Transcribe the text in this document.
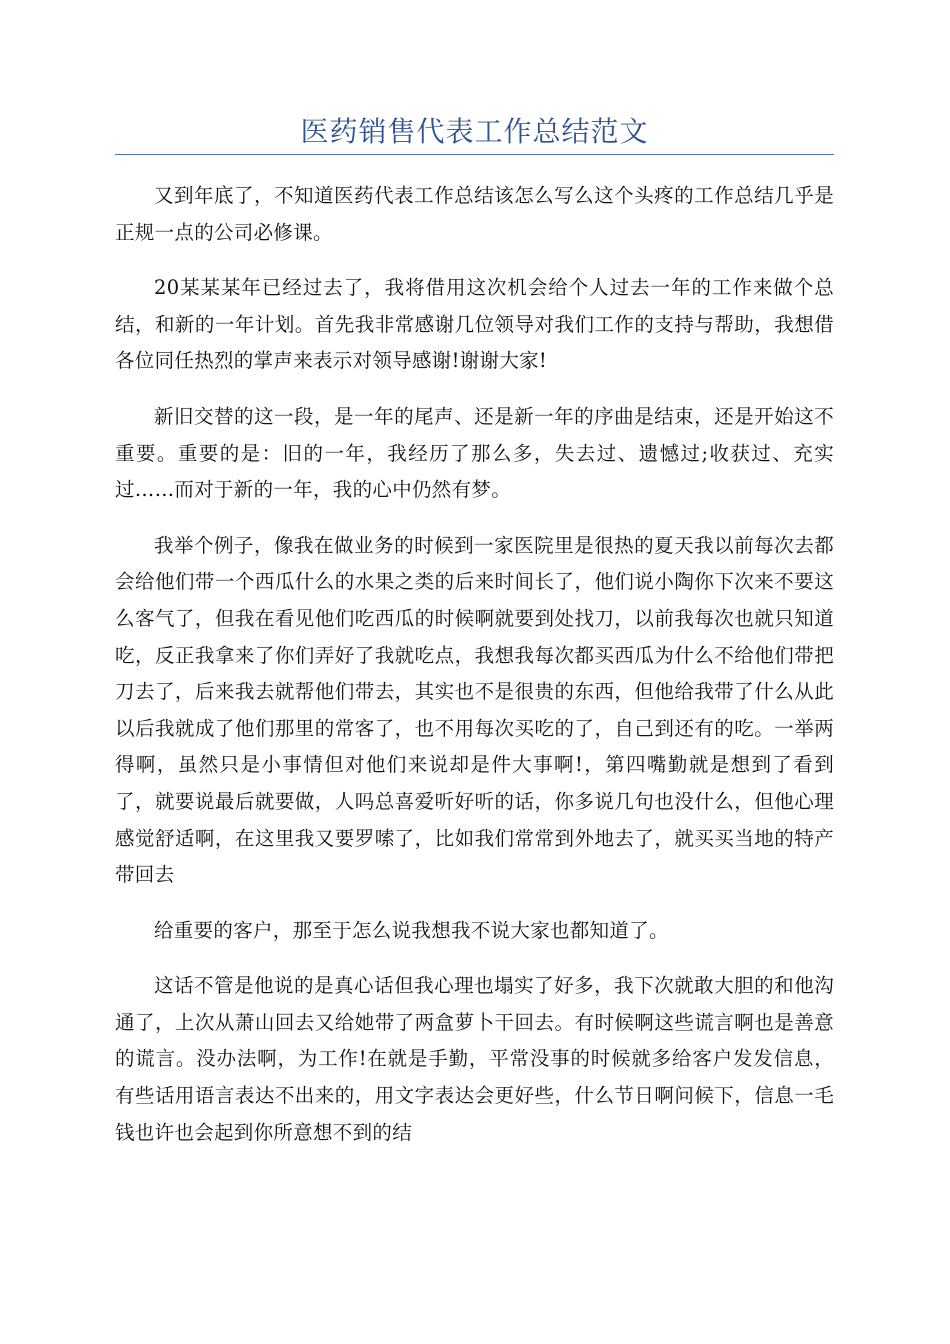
医药销售代表工作总结范文

又到年底了，不知道医药代表工作总结该怎么写么这个头疼的工作总结几乎是正规一点的公司必修课。

20某某某年已经过去了，我将借用这次机会给个人过去一年的工作来做个总结，和新的一年计划。首先我非常感谢几位领导对我们工作的支持与帮助，我想借各位同任热烈的掌声来表示对领导感谢!谢谢大家!

新旧交替的这一段，是一年的尾声、还是新一年的序曲是结束，还是开始这不重要。重要的是：旧的一年，我经历了那么多，失去过、遗憾过;收获过、充实过……而对于新的一年，我的心中仍然有梦。

我举个例子，像我在做业务的时候到一家医院里是很热的夏天我以前每次去都会给他们带一个西瓜什么的水果之类的后来时间长了，他们说小陶你下次来不要这么客气了，但我在看见他们吃西瓜的时候啊就要到处找刀，以前我每次也就只知道吃，反正我拿来了你们弄好了我就吃点，我想我每次都买西瓜为什么不给他们带把刀去了，后来我去就帮他们带去，其实也不是很贵的东西，但他给我带了什么从此以后我就成了他们那里的常客了，也不用每次买吃的了，自己到还有的吃。一举两得啊，虽然只是小事情但对他们来说却是件大事啊!，第四嘴勤就是想到了看到了，就要说最后就要做，人吗总喜爱听好听的话，你多说几句也没什么，但他心理感觉舒适啊，在这里我又要罗嗦了，比如我们常常到外地去了，就买买当地的特产带回去

给重要的客户，那至于怎么说我想我不说大家也都知道了。

这话不管是他说的是真心话但我心理也塌实了好多，我下次就敢大胆的和他沟通了，上次从萧山回去又给她带了两盒萝卜干回去。有时候啊这些谎言啊也是善意的谎言。没办法啊，为工作!在就是手勤，平常没事的时候就多给客户发发信息，有些话用语言表达不出来的，用文字表达会更好些，什么节日啊问候下，信息一毛钱也许也会起到你所意想不到的结
